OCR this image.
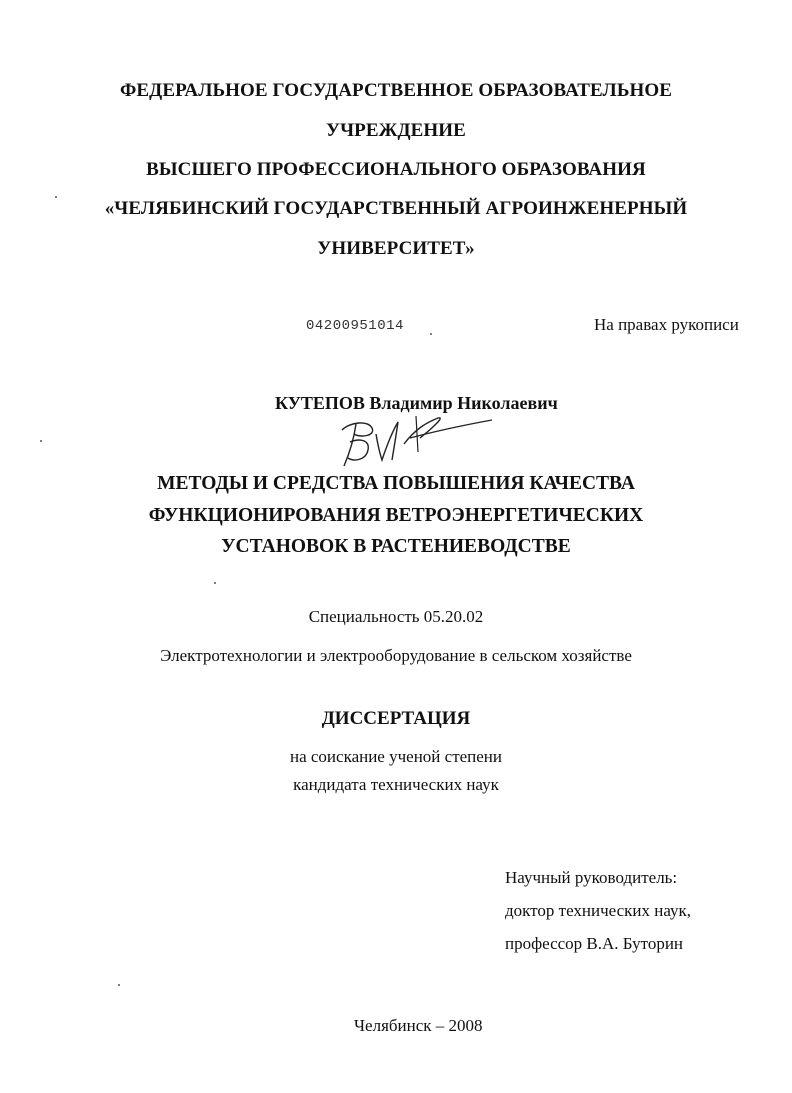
ФЕДЕРАЛЬНОЕ ГОСУДАРСТВЕННОЕ ОБРАЗОВАТЕЛЬНОЕ
УЧРЕЖДЕНИЕ
ВЫСШЕГО ПРОФЕССИОНАЛЬНОГО ОБРАЗОВАНИЯ
«ЧЕЛЯБИНСКИЙ ГОСУДАРСТВЕННЫЙ АГРОИНЖЕНЕРНЫЙ
УНИВЕРСИТЕТ»
04200951014	На правах рукописи
КУТЕПОВ Владимир Николаевич
МЕТОДЫ И СРЕДСТВА ПОВЫШЕНИЯ КАЧЕСТВА
ФУНКЦИОНИРОВАНИЯ ВЕТРОЭНЕРГЕТИЧЕСКИХ
УСТАНОВОК В РАСТЕНИЕВОДСТВЕ
Специальность 05.20.02
Электротехнологии и электрооборудование в сельском хозяйстве
ДИССЕРТАЦИЯ
на соискание ученой степени
кандидата технических наук
Научный руководитель:
доктор технических наук,
профессор В.А. Буторин
Челябинск – 2008
